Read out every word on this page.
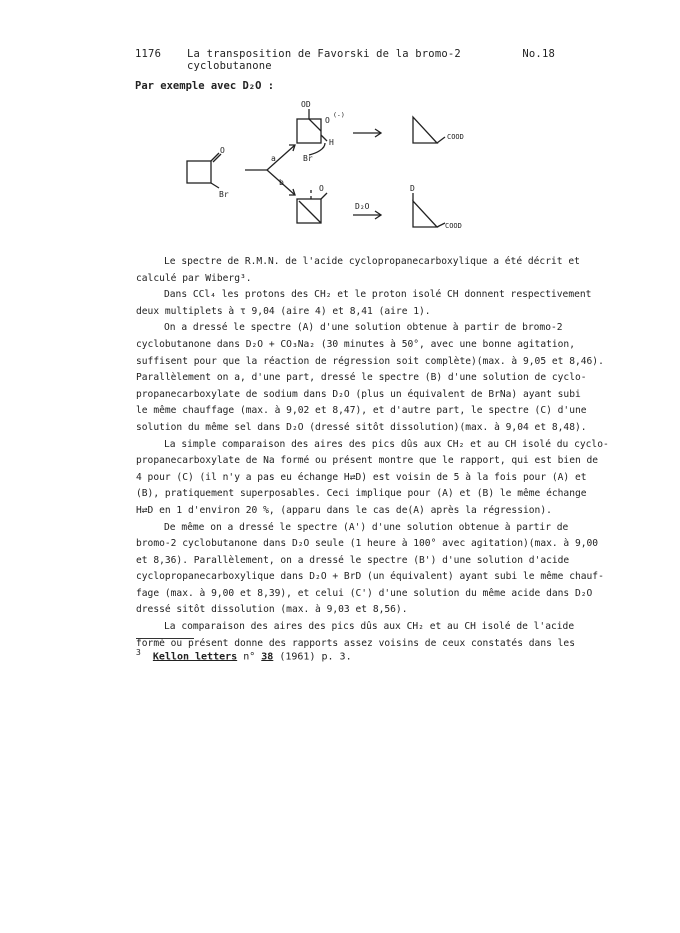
1176	La transposition de Favorski de la bromo-2 cyclobutanone
No.18
Par exemple avec D₂O :
O
Br
a
b
OD
O
(-)
H
Br
COOD
O
D₂O
D
COOD

Le spectre de R.M.N. de l'acide cyclopropanecarboxylique a été décrit et
calculé par Wiberg³.
Dans CCl₄ les protons des CH₂ et le proton isolé CH donnent respectivement
deux multiplets à τ 9,04 (aire 4) et 8,41 (aire 1).
On a dressé le spectre (A) d'une solution obtenue à partir de bromo-2
cyclobutanone dans D₂O + CO₃Na₂ (30 minutes à 50°, avec une bonne agitation,
suffisent pour que la réaction de régression soit complète)(max. à 9,05 et 8,46).
Parallèlement on a, d'une part, dressé le spectre (B) d'une solution de cyclo-
propanecarboxylate de sodium dans D₂O (plus un équivalent de BrNa) ayant subi
le même chauffage (max. à 9,02 et 8,47), et d'autre part, le spectre (C) d'une
solution du même sel dans D₂O (dressé sitôt dissolution)(max. à 9,04 et 8,48).

La simple comparaison des aires des pics dûs aux CH₂ et au CH isolé du cyclo-
propanecarboxylate de Na formé ou présent montre que le rapport, qui est bien de
4 pour (C) (il n'y a pas eu échange H⇄D) est voisin de 5 à la fois pour (A) et
(B), pratiquement superposables. Ceci implique pour (A) et (B) le même échange
H⇄D en 1 d'environ 20 %, (apparu dans le cas de(A) après la régression).

De même on a dressé le spectre (A') d'une solution obtenue à partir de
bromo-2 cyclobutanone dans D₂O seule (1 heure à 100° avec agitation)(max. à 9,00
et 8,36). Parallèlement, on a dressé le spectre (B') d'une solution d'acide
cyclopropanecarboxylique dans D₂O + BrD (un équivalent) ayant subi le même chauf-
fage (max. à 9,00 et 8,39), et celui (C') d'une solution du même acide dans D₂O
dressé sitôt dissolution (max. à 9,03 et 8,56).

La comparaison des aires des pics dûs aux CH₂ et au CH isolé de l'acide
formé ou présent donne des rapports assez voisins de ceux constatés dans les

$^3$ Kellon letters n° 38 (1961) p. 3.
